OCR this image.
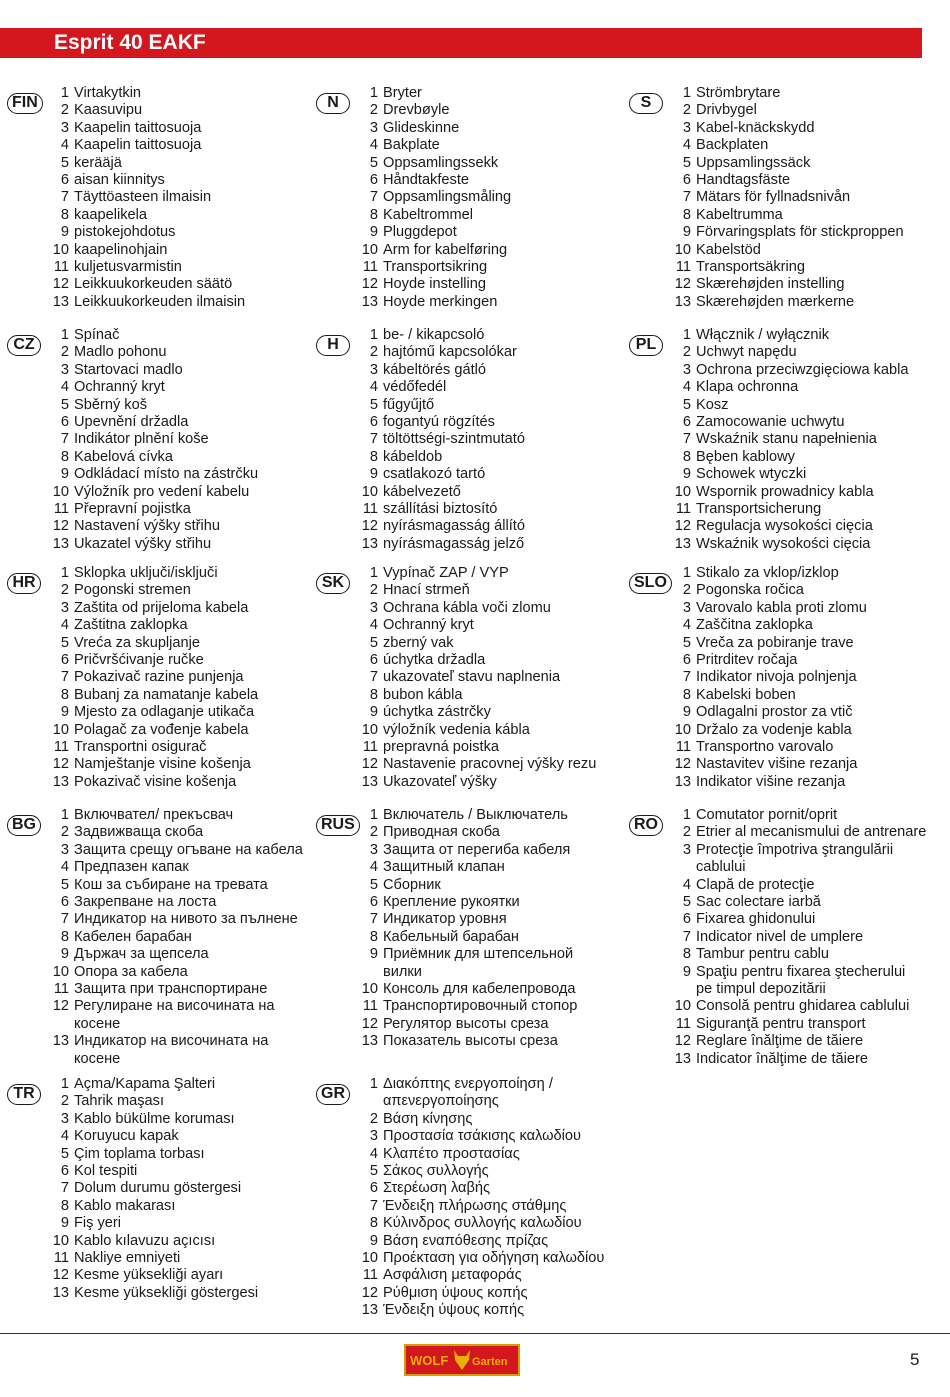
Esprit 40 EAKF
FIN
1 Virtakytkin
2 Kaasuvipu
3 Kaapelin taittosuoja
4 Kaapelin taittosuoja
5 kerääjä
6 aisan kiinnitys
7 Täyttöasteen ilmaisin
8 kaapelikela
9 pistokejohdotus
10 kaapelinohjain
11 kuljetusvarmistin
12 Leikkuukorkeuden säätö
13 Leikkuukorkeuden ilmaisin
N
1 Bryter
2 Drevbøyle
3 Glideskinne
4 Bakplate
5 Oppsamlingssekk
6 Håndtakfeste
7 Oppsamlingsmåling
8 Kabeltrommel
9 Pluggdepot
10 Arm for kabelføring
11 Transportsikring
12 Hoyde instelling
13 Hoyde merkingen
S
1 Strömbrytare
2 Drivbygel
3 Kabel-knäckskydd
4 Backplaten
5 Uppsamlingssäck
6 Handtagsfäste
7 Mätars för fyllnadsnivån
8 Kabeltrumma
9 Förvaringsplats för stickproppen
10 Kabelstöd
11 Transportsäkring
12 Skærehøjden instelling
13 Skærehøjden mærkerne
CZ
1 Spínač
2 Madlo pohonu
3 Startovaci madlo
4 Ochranný kryt
5 Sběrný koš
6 Upevnění držadla
7 Indikátor plnění koše
8 Kabelová cívka
9 Odkládací místo na zástrčku
10 Výložník pro vedení kabelu
11 Přepravní pojistka
12 Nastavení výšky střihu
13 Ukazatel výšky střihu
H
1 be- / kikapcsoló
2 hajtómű kapcsolókar
3 kábeltörés gátló
4 védőfedél
5 fűgyűjtő
6 fogantyú rögzítés
7 töltöttségi-szintmutató
8 kábeldob
9 csatlakozó tartó
10 kábelvezető
11 szállítási biztosító
12 nyírásmagasság állító
13 nyírásmagasság jelző
PL
1 Włącznik / wyłącznik
2 Uchwyt napędu
3 Ochrona przeciwzgięciowa kabla
4 Klapa ochronna
5 Kosz
6 Zamocowanie uchwytu
7 Wskaźnik stanu napełnienia
8 Bęben kablowy
9 Schowek wtyczki
10 Wspornik prowadnicy kabla
11 Transportsicherung
12 Regulacja wysokości cięcia
13 Wskaźnik wysokości cięcia
HR
1 Sklopka uključi/isključi
2 Pogonski stremen
3 Zaštita od prijeloma kabela
4 Zaštitna zaklopka
5 Vreća za skupljanje
6 Pričvršćivanje ručke
7 Pokazivač razine punjenja
8 Bubanj za namatanje kabela
9 Mjesto za odlaganje utikača
10 Polagač za vođenje kabela
11 Transportni osigurač
12 Namještanje visine košenja
13 Pokazivač visine košenja
SK
1 Vypínač ZAP / VYP
2 Hnací strmeň
3 Ochrana kábla voči zlomu
4 Ochranný kryt
5 zberný vak
6 úchytka držadla
7 ukazovateľ stavu naplnenia
8 bubon kábla
9 úchytka zástrčky
10 výložník vedenia kábla
11 prepravná poistka
12 Nastavenie pracovnej výšky rezu
13 Ukazovateľ výšky
SLO
1 Stikalo za vklop/izklop
2 Pogonska ročica
3 Varovalo kabla proti zlomu
4 Zaščitna zaklopka
5 Vreča za pobiranje trave
6 Pritrditev ročaja
7 Indikator nivoja polnjenja
8 Kabelski boben
9 Odlagalni prostor za vtič
10 Držalo za vodenje kabla
11 Transportno varovalo
12 Nastavitev višine rezanja
13 Indikator višine rezanja
BG
1 Включвател/ прекъсвач
2 Задвижваща скоба
3 Защита срещу огъване на кабела
4 Предпазен капак
5 Кош за събиране на тревата
6 Закрепване на лоста
7 Индикатор на нивото за пълнене
8 Кабелен барабан
9 Държач за щепсела
10 Опора за кабела
11 Защита при транспортиране
12 Регулиране на височината на
косене
13 Индикатор на височината на
косене
RUS
1 Включатель / Выключатель
2 Приводная скоба
3 Защита от перегиба кабеля
4 Защитный клапан
5 Сборник
6 Крепление рукоятки
7 Индикатор уровня
8 Кабельный барабан
9 Приёмник для штепсельной вилки
10 Консоль для кабелепровода
11 Транспортировочный стопор
12 Регулятор высоты среза
13 Показатель высоты среза
RO
1 Comutator pornit/oprit
2 Etrier al mecanismului de antrenare
3 Protecţie împotriva ştrangulării
cablului
4 Clapă de protecţie
5 Sac colectare iarbă
6 Fixarea ghidonului
7 Indicator nivel de umplere
8 Tambur pentru cablu
9 Spaţiu pentru fixarea ştecherului
pe timpul depozitării
10 Consolă pentru ghidarea cablului
11 Siguranţă pentru transport
12 Reglare înălţime de tăiere
13 Indicator înălţime de tăiere
TR
1 Açma/Kapama Şalteri
2 Tahrik maşası
3 Kablo bükülme koruması
4 Koruyucu kapak
5 Çim toplama torbası
6 Kol tespiti
7 Dolum durumu göstergesi
8 Kablo makarası
9 Fiş yeri
10 Kablo kılavuzu açıcısı
11 Nakliye emniyeti
12 Kesme yüksekliği ayarı
13 Kesme yüksekliği göstergesi
GR
1 Διακόπτης ενεργοποίηση /
απενεργοποίησης
2 Βάση κίνησης
3 Προστασία τσάκισης καλωδίου
4 Κλαπέτο προστασίας
5 Σάκος συλλογής
6 Στερέωση λαβής
7 Ένδειξη πλήρωσης στάθμης
8 Κύλινδρος συλλογής καλωδίου
9 Βάση εναπόθεσης πρίζας
10 Προέκταση για οδήγηση καλωδίου
11 Ασφάλιση μεταφοράς
12 Ρύθμιση ύψους κοπής
13 Ένδειξη ύψους κοπής
WOLF Garten	5
